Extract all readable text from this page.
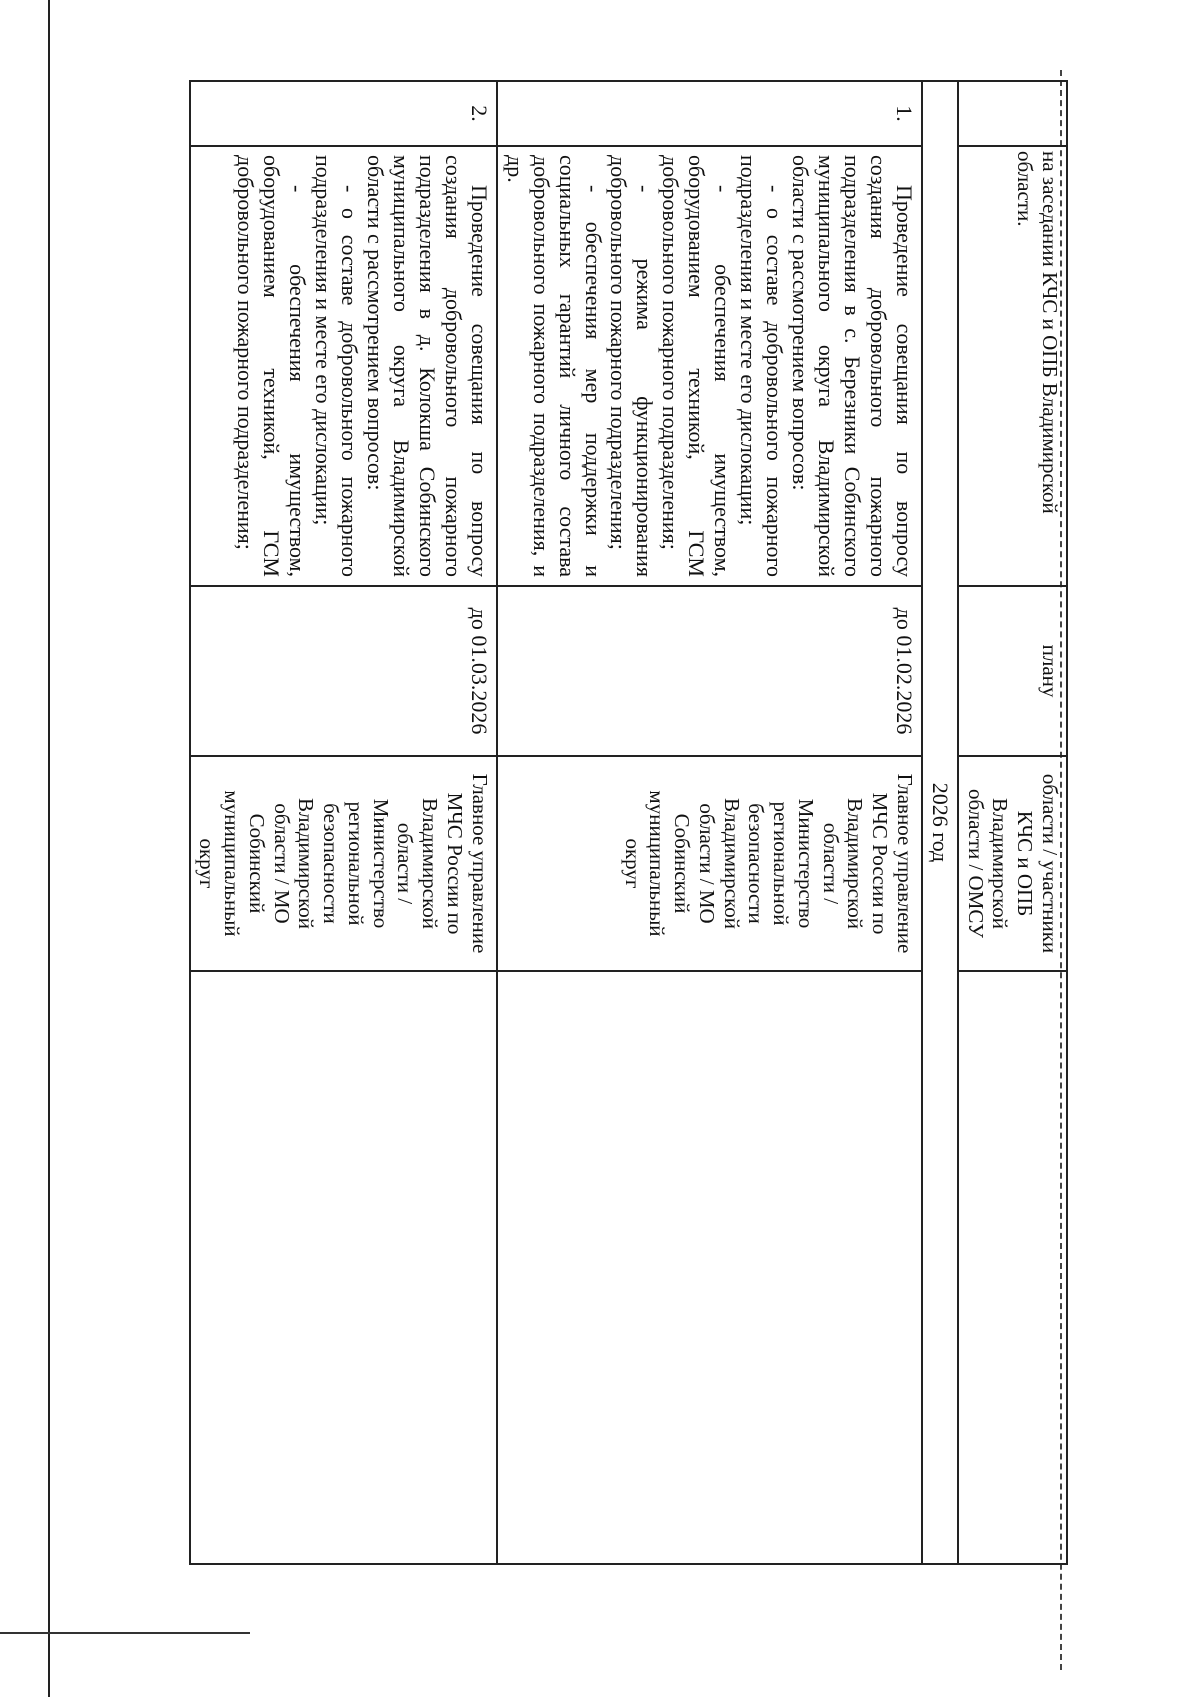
	на заседании КЧС и ОПБ Владимирской области.	плану	области / участники КЧС и ОПБ Владимирской области / ОМСУ	
2026 год				
1.	Проведение совещания по вопросу создания добровольного пожарного подразделения в с. Березники Собинского муниципального округа Владимирской области с рассмотрением вопросов:

- о составе добровольного пожарного подразделения и месте его дислокации;

- обеспечения имуществом, оборудованием техникой, ГСМ добровольного пожарного подразделения;

- режима функционирования добровольного пожарного подразделения;

- обеспечения мер поддержки и социальных гарантий личного состава добровольного пожарного подразделения, и др.	до 01.02.2026	Главное управление МЧС России по Владимирской области / Министерство региональной безопасности Владимирской области / МО Собинский муниципальный округ	
2.	Проведение совещания по вопросу создания добровольного пожарного подразделения в д. Колокша Собинского муниципального округа Владимирской области с рассмотрением вопросов:

- о составе добровольного пожарного подразделения и месте его дислокации;

- обеспечения имуществом, оборудованием техникой, ГСМ добровольного пожарного подразделения;	до 01.03.2026	Главное управление МЧС России по Владимирской области / Министерство региональной безопасности Владимирской области / МО Собинский муниципальный округ	
